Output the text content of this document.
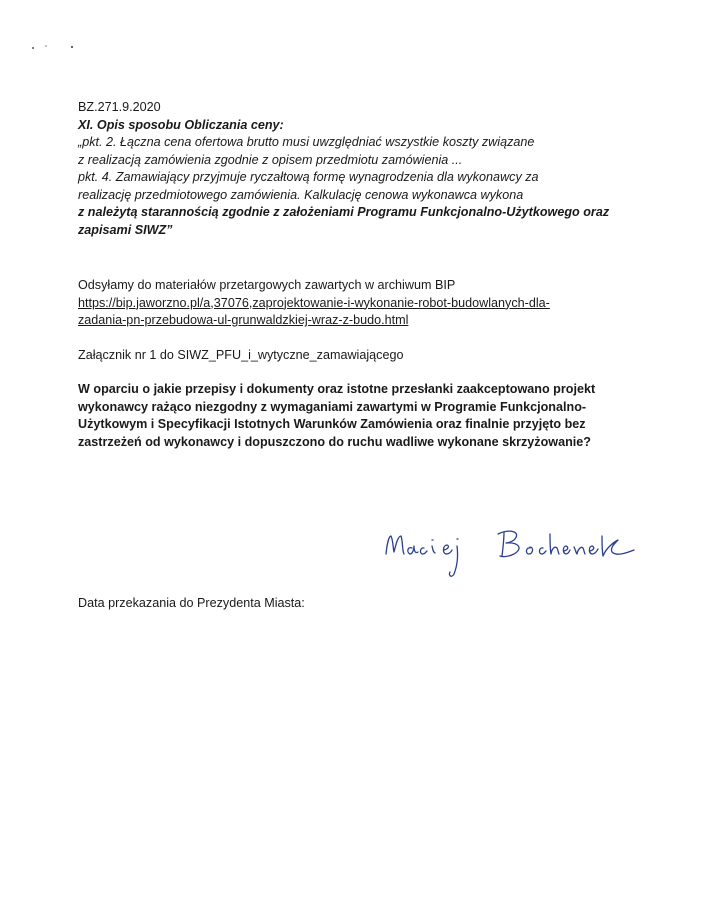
BZ.271.9.2020
XI. Opis sposobu Obliczania ceny:
„pkt. 2. Łączna cena ofertowa brutto musi uwzględniać wszystkie koszty związane
z realizacją zamówienia zgodnie z opisem przedmiotu zamówienia ...
pkt. 4. Zamawiający przyjmuje ryczałtową formę wynagrodzenia dla wykonawcy za
realizację przedmiotowego zamówienia. Kalkulację cenowa wykonawca wykona
z należytą starannością zgodnie z założeniami Programu Funkcjonalno-Użytkowego oraz
zapisami SIWZ”
Odsyłamy do materiałów przetargowych zawartych w archiwum BIP
https://bip.jaworzno.pl/a,37076,zaprojektowanie-i-wykonanie-robot-budowlanych-dla-
zadania-pn-przebudowa-ul-grunwaldzkiej-wraz-z-budo.html
Załącznik nr 1 do SIWZ_PFU_i_wytyczne_zamawiającego
W oparciu o jakie przepisy i dokumenty oraz istotne przesłanki zaakceptowano projekt
wykonawcy rażąco niezgodny z wymaganiami zawartymi w Programie Funkcjonalno-
Użytkowym i Specyfikacji Istotnych Warunków Zamówienia oraz finalnie przyjęto bez
zastrzeżeń od wykonawcy i dopuszczono do ruchu wadliwe wykonane skrzyżowanie?
Data przekazania do Prezydenta Miasta:
